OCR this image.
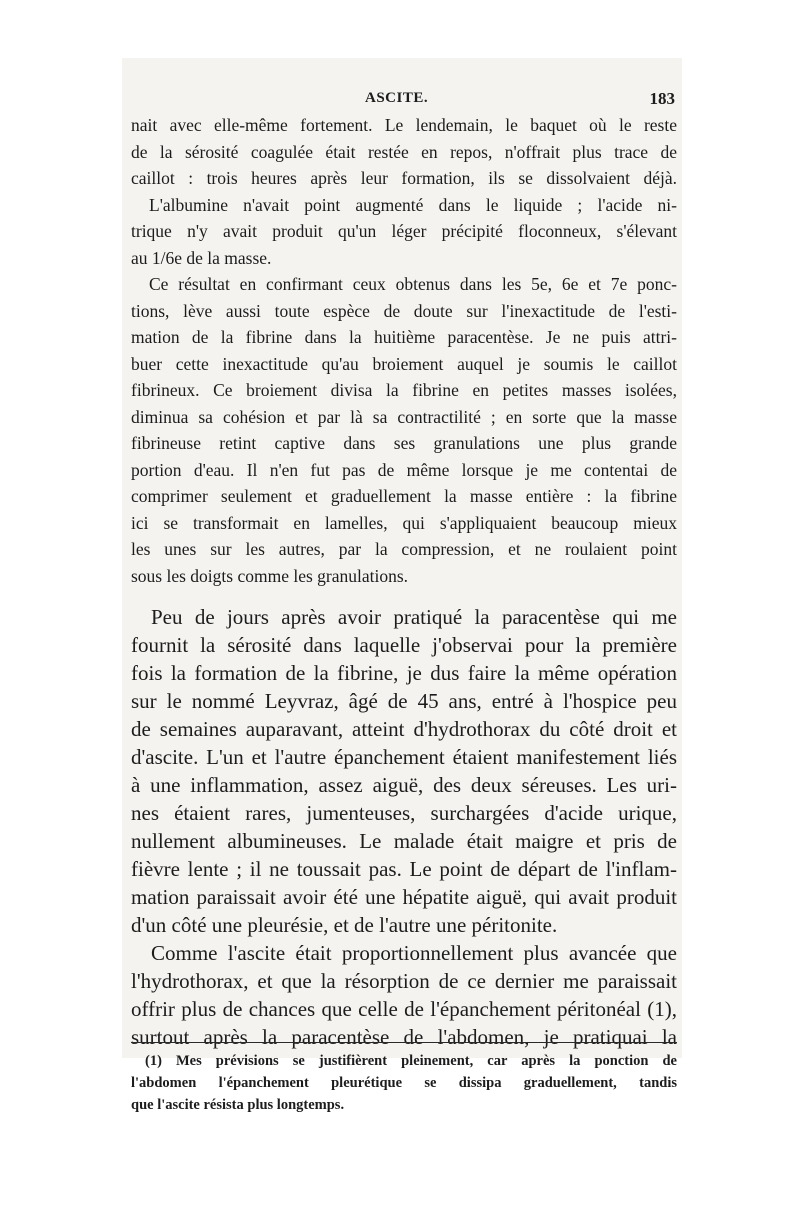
ASCITE.	183
nait avec elle-même fortement. Le lendemain, le baquet où le reste
de la sérosité coagulée était restée en repos, n'offrait plus trace de
caillot : trois heures après leur formation, ils se dissolvaient déjà.
L'albumine n'avait point augmenté dans le liquide ; l'acide ni-
trique n'y avait produit qu'un léger précipité floconneux, s'élevant
au 1/6e de la masse.
Ce résultat en confirmant ceux obtenus dans les 5e, 6e et 7e ponc-
tions, lève aussi toute espèce de doute sur l'inexactitude de l'esti-
mation de la fibrine dans la huitième paracentèse. Je ne puis attri-
buer cette inexactitude qu'au broiement auquel je soumis le caillot
fibrineux. Ce broiement divisa la fibrine en petites masses isolées,
diminua sa cohésion et par là sa contractilité ; en sorte que la masse
fibrineuse retint captive dans ses granulations une plus grande
portion d'eau. Il n'en fut pas de même lorsque je me contentai de
comprimer seulement et graduellement la masse entière : la fibrine
ici se transformait en lamelles, qui s'appliquaient beaucoup mieux
les unes sur les autres, par la compression, et ne roulaient point
sous les doigts comme les granulations.
Peu de jours après avoir pratiqué la paracentèse qui me
fournit la sérosité dans laquelle j'observai pour la première
fois la formation de la fibrine, je dus faire la même opération
sur le nommé Leyvraz, âgé de 45 ans, entré à l'hospice peu
de semaines auparavant, atteint d'hydrothorax du côté droit et
d'ascite. L'un et l'autre épanchement étaient manifestement liés
à une inflammation, assez aiguë, des deux séreuses. Les uri-
nes étaient rares, jumenteuses, surchargées d'acide urique,
nullement albumineuses. Le malade était maigre et pris de
fièvre lente ; il ne toussait pas. Le point de départ de l'inflam-
mation paraissait avoir été une hépatite aiguë, qui avait produit
d'un côté une pleurésie, et de l'autre une péritonite.
Comme l'ascite était proportionnellement plus avancée que
l'hydrothorax, et que la résorption de ce dernier me paraissait
offrir plus de chances que celle de l'épanchement péritonéal (1),
surtout après la paracentèse de l'abdomen, je pratiquai la
(1) Mes prévisions se justifièrent pleinement, car après la ponction de
l'abdomen l'épanchement pleurétique se dissipa graduellement, tandis
que l'ascite résista plus longtemps.
